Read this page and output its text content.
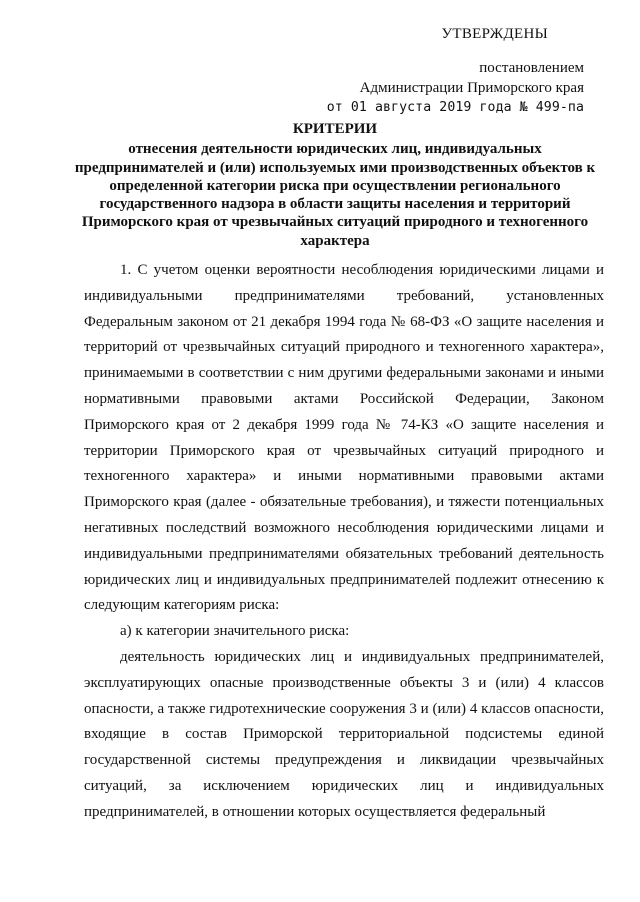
УТВЕРЖДЕНЫ
постановлением
Администрации Приморского края
от 01 августа 2019 года № 499-па
КРИТЕРИИ
отнесения деятельности юридических лиц, индивидуальных предпринимателей и (или) используемых ими производственных объектов к определенной категории риска при осуществлении регионального государственного надзора в области защиты населения и территорий Приморского края от чрезвычайных ситуаций природного и техногенного характера

1. С учетом оценки вероятности несоблюдения юридическими лицами и индивидуальными предпринимателями требований, установленных Федеральным законом от 21 декабря 1994 года № 68-ФЗ «О защите населения и территорий от чрезвычайных ситуаций природного и техногенного характера», принимаемыми в соответствии с ним другими федеральными законами и иными нормативными правовыми актами Российской Федерации, Законом Приморского края от 2 декабря 1999 года № 74-КЗ «О защите населения и территории Приморского края от чрезвычайных ситуаций природного и техногенного характера» и иными нормативными правовыми актами Приморского края (далее - обязательные требования), и тяжести потенциальных негативных последствий возможного несоблюдения юридическими лицами и индивидуальными предпринимателями обязательных требований деятельность юридических лиц и индивидуальных предпринимателей подлежит отнесению к следующим категориям риска:

а) к категории значительного риска:

деятельность юридических лиц и индивидуальных предпринимателей, эксплуатирующих опасные производственные объекты 3 и (или) 4 классов опасности, а также гидротехнические сооружения 3 и (или) 4 классов опасности, входящие в состав Приморской территориальной подсистемы единой государственной системы предупреждения и ликвидации чрезвычайных ситуаций, за исключением юридических лиц и индивидуальных предпринимателей, в отношении которых осуществляется федеральный
